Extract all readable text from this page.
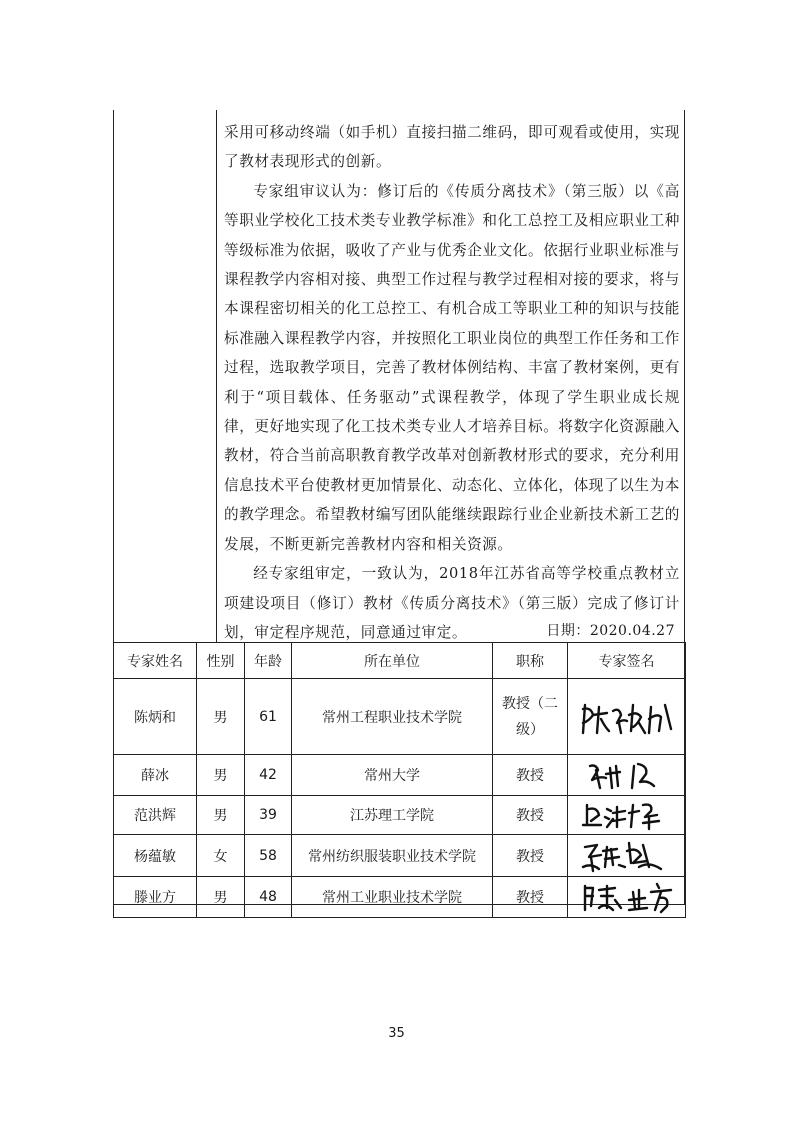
采用可移动终端（如手机）直接扫描二维码，即可观看或使用，实现了教材表现形式的创新。

专家组审议认为：修订后的《传质分离技术》（第三版）以《高等职业学校化工技术类专业教学标准》和化工总控工及相应职业工种等级标准为依据，吸收了产业与优秀企业文化。依据行业职业标准与课程教学内容相对接、典型工作过程与教学过程相对接的要求，将与本课程密切相关的化工总控工、有机合成工等职业工种的知识与技能标准融入课程教学内容，并按照化工职业岗位的典型工作任务和工作过程，选取教学项目，完善了教材体例结构、丰富了教材案例，更有利于“项目载体、任务驱动”式课程教学，体现了学生职业成长规律，更好地实现了化工技术类专业人才培养目标。将数字化资源融入教材，符合当前高职教育教学改革对创新教材形式的要求，充分利用信息技术平台使教材更加情景化、动态化、立体化，体现了以生为本的教学理念。希望教材编写团队能继续跟踪行业企业新技术新工艺的发展，不断更新完善教材内容和相关资源。

经专家组审定，一致认为，2018年江苏省高等学校重点教材立项建设项目（修订）教材《传质分离技术》（第三版）完成了修订计划，审定程序规范，同意通过审定。	日期：2020.04.27
专家姓名	性别	年龄	所在单位	职称	专家签名
陈炳和	男	61	常州工程职业技术学院	教授（二级）	

薛冰	男	42	常州大学	教授	

范洪辉	男	39	江苏理工学院	教授	

杨蕴敏	女	58	常州纺织服装职业技术学院	教授	

滕业方	男	48	常州工业职业技术学院	教授	
35
